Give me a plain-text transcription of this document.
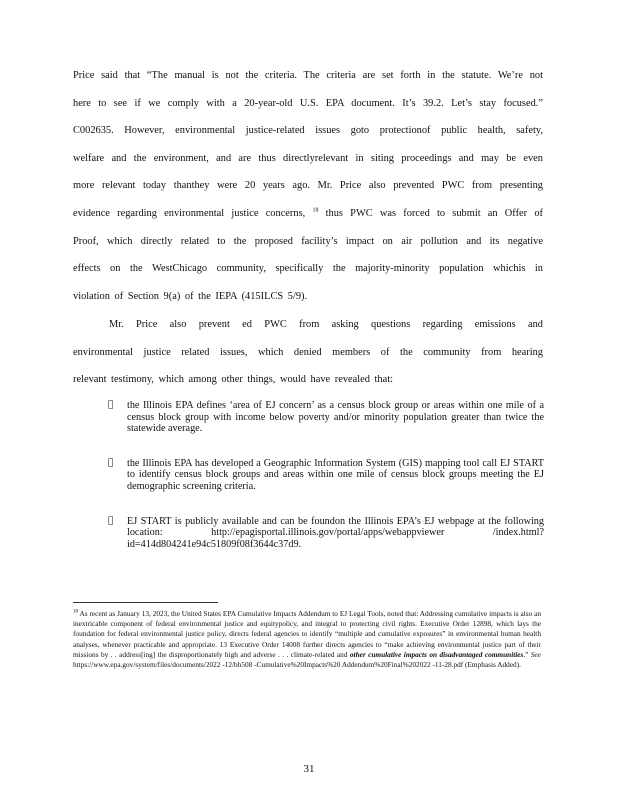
Price said that “The manual is not the criteria. The criteria are set forth in the statute. We’re not
here to see if we comply with a 20-year-old U.S. EPA document. It’s 39.2. Let’s stay focused.”
C002635. However, environmental justice-related issues goto protectionof public health, safety,
welfare and the environment, and are thus directlyrelevant in siting proceedings and may be even
more relevant today thanthey were 20 years ago. Mr. Price also prevented PWC from presenting
evidence regarding environmental justice concerns, $^{18}$ thus PWC was forced to submit an Offer of
Proof, which directly related to the proposed facility’s impact on air pollution and its negative
effects on the WestChicago community, specifically the majority-minority population whichis in
violation of Section 9(a) of the IEPA (415ILCS 5/9).
Mr. Price also prevent ed PWC from asking questions regarding emissions and
environmental justice related issues, which denied members of the community from hearing
relevant testimony, which among other things, would have revealed that:
the Illinois EPA defines ‘area of EJ concern’ as a census block group or areas within one mile of a census block group with income below poverty and/or minority population greater than twice the statewide average.
the Illinois EPA has developed a Geographic Information System (GIS) mapping tool call EJ START to identify census block groups and areas within one mile of census block groups meeting the EJ demographic screening criteria.
EJ START is publicly available and can be foundon the Illinois EPA’s EJ webpage at the following location: http://epagisportal.illinois.gov/portal/apps/webappviewer /index.html?id=414d804241e94c51809f08f3644c37d9.
$^{18}$ As recent as January 13, 2023, the United States EPA Cumulative Impacts Addendum to EJ Legal Tools, noted that: Addressing cumulative impacts is also an inextricable component of federal environmental justice and equitypolicy, and integral to protecting civil rights. Executive Order 12898, which lays the foundation for federal environmental justice policy, directs federal agencies to identify “multiple and cumulative exposures” in environmental human health analyses, whenever practicable and appropriate. 13 Executive Order 14008 further directs agencies to “make achieving environmental justice part of their missions by . . address[ing] the disproportionately high and adverse . . . climate-related and other cumulative impacts on disadvantaged communities.” See https://www.epa.gov/system/files/documents/2022 -12/bh508 -Cumulative%20Impacts%20 Addendum%20Final%202022 -11-28.pdf (Emphasis Added).
31
